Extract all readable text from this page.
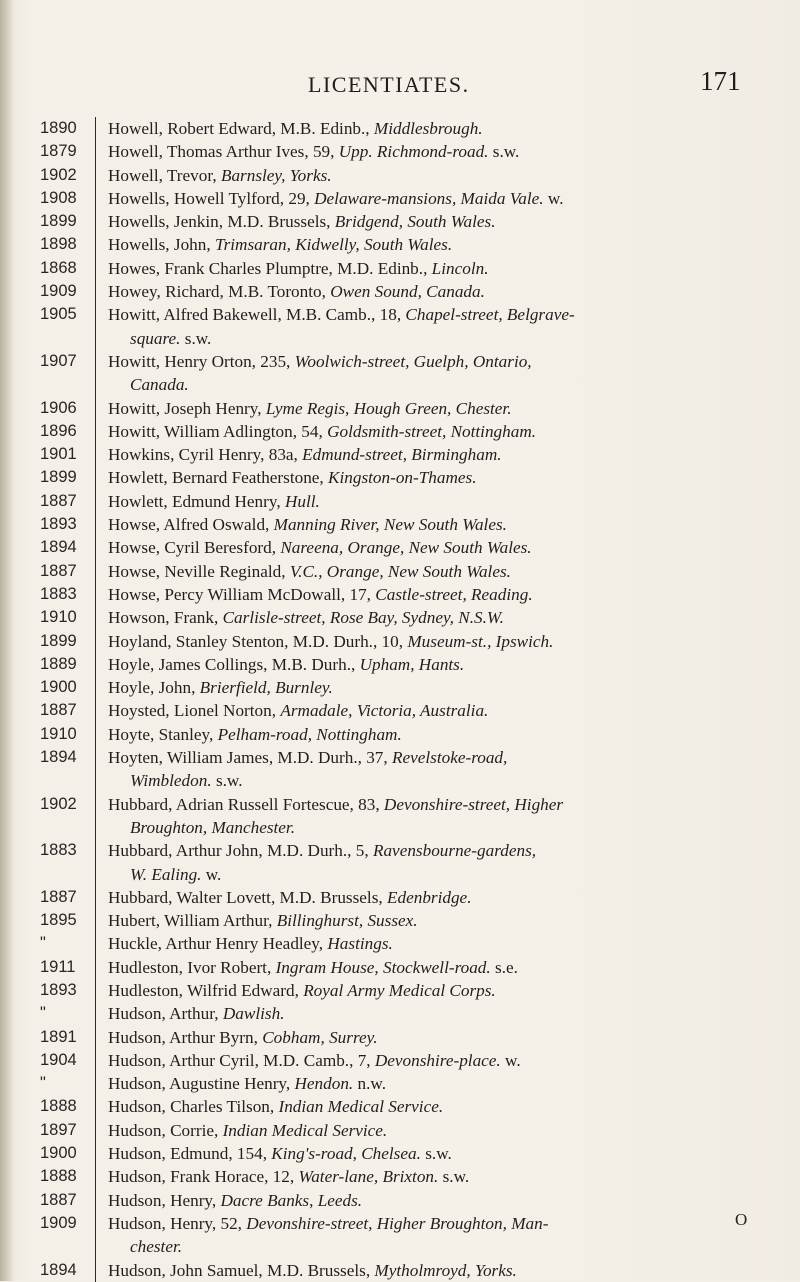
LICENTIATES.	171
1890	Howell, Robert Edward, M.B. Edinb., Middlesbrough.
1879	Howell, Thomas Arthur Ives, 59, Upp. Richmond-road. s.w.
1902	Howell, Trevor, Barnsley, Yorks.
1908	Howells, Howell Tylford, 29, Delaware-mansions, Maida Vale. w.
1899	Howells, Jenkin, M.D. Brussels, Bridgend, South Wales.
1898	Howells, John, Trimsaran, Kidwelly, South Wales.
1868	Howes, Frank Charles Plumptre, M.D. Edinb., Lincoln.
1909	Howey, Richard, M.B. Toronto, Owen Sound, Canada.
1905	Howitt, Alfred Bakewell, M.B. Camb., 18, Chapel-street, Belgrave-
square. s.w.
1907	Howitt, Henry Orton, 235, Woolwich-street, Guelph, Ontario,
Canada.
1906	Howitt, Joseph Henry, Lyme Regis, Hough Green, Chester.
1896	Howitt, William Adlington, 54, Goldsmith-street, Nottingham.
1901	Howkins, Cyril Henry, 83a, Edmund-street, Birmingham.
1899	Howlett, Bernard Featherstone, Kingston-on-Thames.
1887	Howlett, Edmund Henry, Hull.
1893	Howse, Alfred Oswald, Manning River, New South Wales.
1894	Howse, Cyril Beresford, Nareena, Orange, New South Wales.
1887	Howse, Neville Reginald, V.C., Orange, New South Wales.
1883	Howse, Percy William McDowall, 17, Castle-street, Reading.
1910	Howson, Frank, Carlisle-street, Rose Bay, Sydney, N.S.W.
1899	Hoyland, Stanley Stenton, M.D. Durh., 10, Museum-st., Ipswich.
1889	Hoyle, James Collings, M.B. Durh., Upham, Hants.
1900	Hoyle, John, Brierfield, Burnley.
1887	Hoysted, Lionel Norton, Armadale, Victoria, Australia.
1910	Hoyte, Stanley, Pelham-road, Nottingham.
1894	Hoyten, William James, M.D. Durh., 37, Revelstoke-road,
Wimbledon. s.w.
1902	Hubbard, Adrian Russell Fortescue, 83, Devonshire-street, Higher
Broughton, Manchester.
1883	Hubbard, Arthur John, M.D. Durh., 5, Ravensbourne-gardens,
W. Ealing. w.
1887	Hubbard, Walter Lovett, M.D. Brussels, Edenbridge.
1895	Hubert, William Arthur, Billinghurst, Sussex.
"	Huckle, Arthur Henry Headley, Hastings.
1911	Hudleston, Ivor Robert, Ingram House, Stockwell-road. s.e.
1893	Hudleston, Wilfrid Edward, Royal Army Medical Corps.
"	Hudson, Arthur, Dawlish.
1891	Hudson, Arthur Byrn, Cobham, Surrey.
1904	Hudson, Arthur Cyril, M.D. Camb., 7, Devonshire-place. w.
"	Hudson, Augustine Henry, Hendon. n.w.
1888	Hudson, Charles Tilson, Indian Medical Service.
1897	Hudson, Corrie, Indian Medical Service.
1900	Hudson, Edmund, 154, King's-road, Chelsea. s.w.
1888	Hudson, Frank Horace, 12, Water-lane, Brixton. s.w.
1887	Hudson, Henry, Dacre Banks, Leeds.
1909	Hudson, Henry, 52, Devonshire-street, Higher Broughton, Man-
chester.
1894	Hudson, John Samuel, M.D. Brussels, Mytholmroyd, Yorks.
O
